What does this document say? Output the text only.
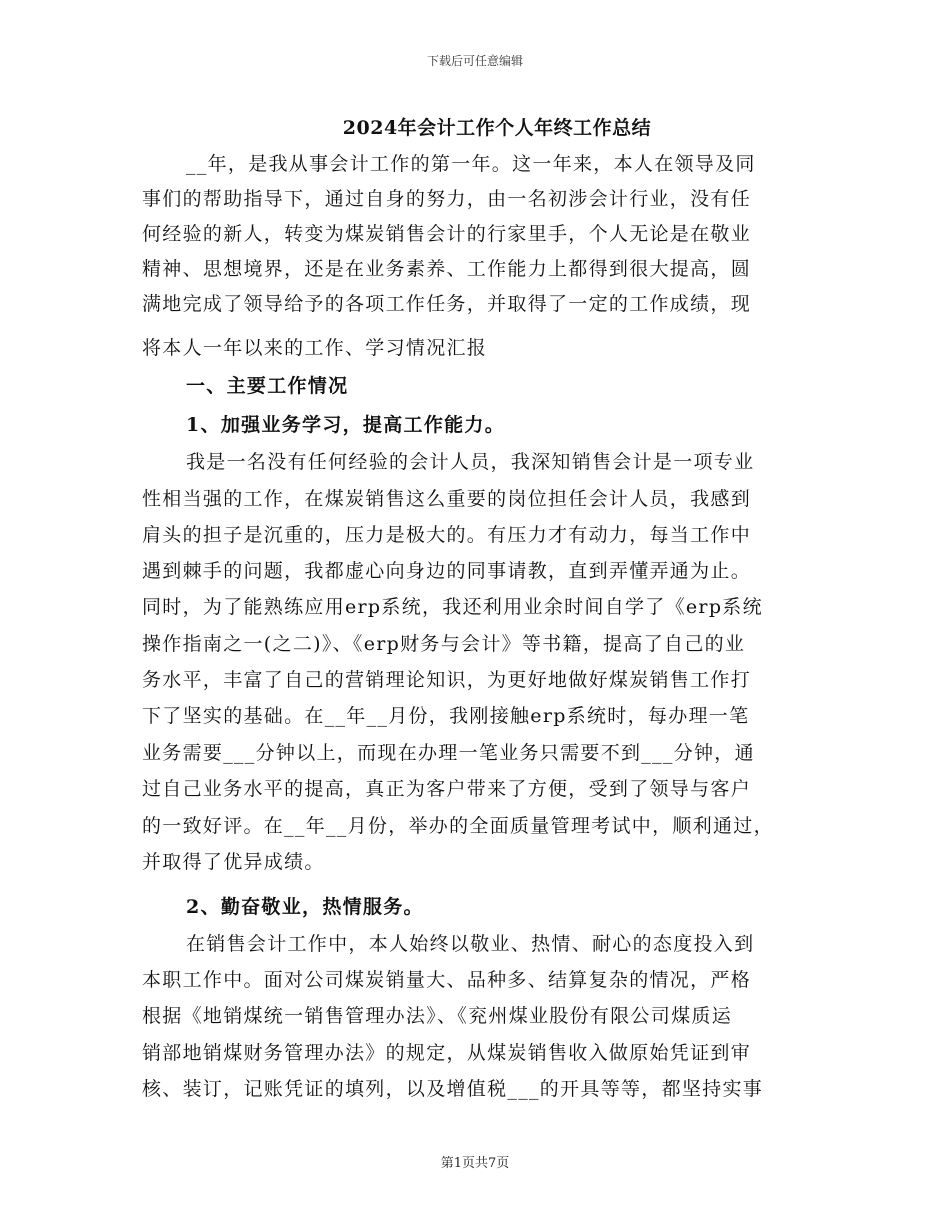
下载后可任意编辑
2024年会计工作个人年终工作总结
__年，是我从事会计工作的第一年。这一年来，本人在领导及同
事们的帮助指导下，通过自身的努力，由一名初涉会计行业，没有任
何经验的新人，转变为煤炭销售会计的行家里手，个人无论是在敬业
精神、思想境界，还是在业务素养、工作能力上都得到很大提高，圆
满地完成了领导给予的各项工作任务，并取得了一定的工作成绩，现
将本人一年以来的工作、学习情况汇报
一、主要工作情况
1、加强业务学习，提高工作能力。
我是一名没有任何经验的会计人员，我深知销售会计是一项专业
性相当强的工作，在煤炭销售这么重要的岗位担任会计人员，我感到
肩头的担子是沉重的，压力是极大的。有压力才有动力，每当工作中
遇到棘手的问题，我都虚心向身边的同事请教，直到弄懂弄通为止。
同时，为了能熟练应用erp系统，我还利用业余时间自学了《erp系统
操作指南之一(之二)》、《erp财务与会计》等书籍，提高了自己的业
务水平，丰富了自己的营销理论知识，为更好地做好煤炭销售工作打
下了坚实的基础。在__年__月份，我刚接触erp系统时，每办理一笔
业务需要___分钟以上，而现在办理一笔业务只需要不到___分钟，通
过自己业务水平的提高，真正为客户带来了方便，受到了领导与客户
的一致好评。在__年__月份，举办的全面质量管理考试中，顺利通过，
并取得了优异成绩。
2、勤奋敬业，热情服务。
在销售会计工作中，本人始终以敬业、热情、耐心的态度投入到
本职工作中。面对公司煤炭销量大、品种多、结算复杂的情况，严格
根据《地销煤统一销售管理办法》、《兖州煤业股份有限公司煤质运
销部地销煤财务管理办法》的规定，从煤炭销售收入做原始凭证到审
核、装订，记账凭证的填列，以及增值税___的开具等等，都坚持实事
第1页共7页
